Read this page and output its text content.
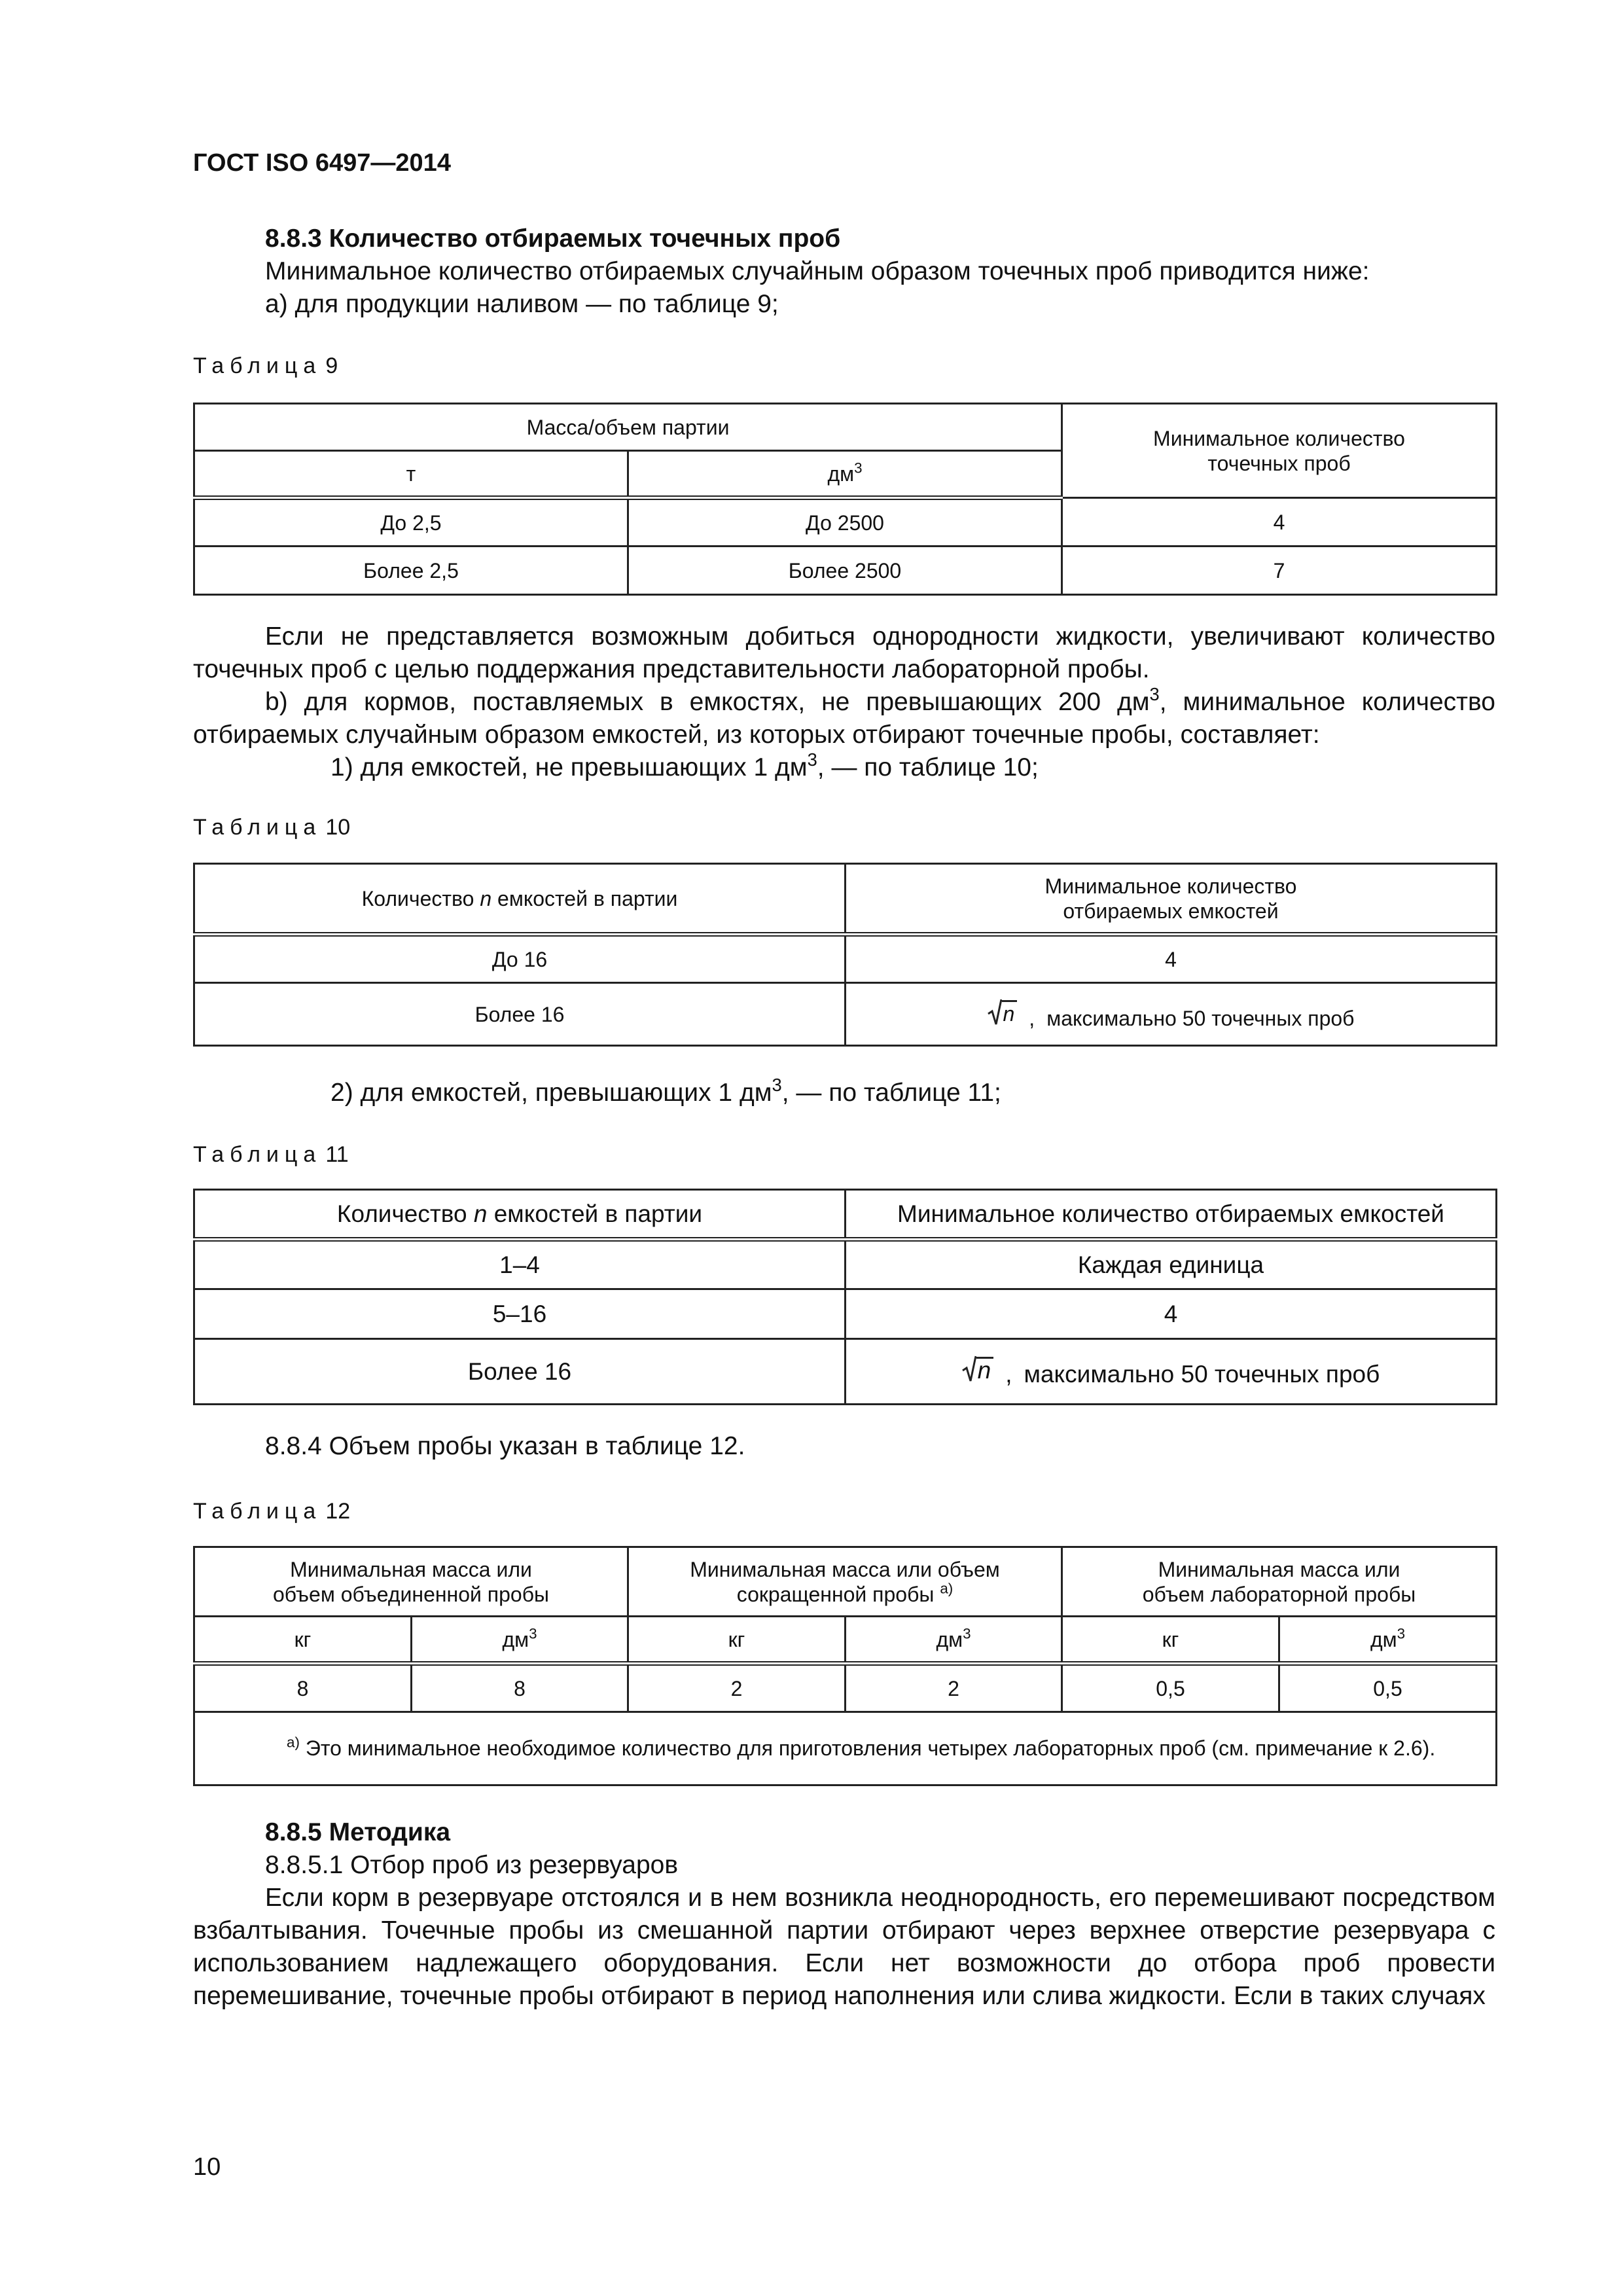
ГОСТ ISO 6497—2014
8.8.3 Количество отбираемых точечных проб
Минимальное количество отбираемых случайным образом точечных проб приводится ниже:
а) для продукции наливом — по таблице 9;
Таблица 9
Масса/объем партии		Минимальное количество точечных проб

т	$дм^3$
До 2,5	До 2500	4
Более 2,5	Более 2500	7
Если не представляется возможным добиться однородности жидкости, увеличивают количество точечных проб с целью поддержания представительности лабораторной пробы.
b) для кормов, поставляемых в емкостях, не превышающих 200 $дм^3$, минимальное количество отбираемых случайным образом емкостей, из которых отбирают точечные пробы, составляет:
1) для емкостей, не превышающих 1 $дм^3$, — по таблице 10;
Таблица 10
Количество n емкостей в партии	Минимальное количество отбираемых емкостей

До 16	4
Более 16	n , максимально 50 точечных проб
2) для емкостей, превышающих 1 $дм^3$, — по таблице 11;
Таблица 11
Количество n емкостей в партии	Минимальное количество отбираемых емкостей
1–4	Каждая единица
5–16	4
Более 16	n , максимально 50 точечных проб
8.8.4 Объем пробы указан в таблице 12.
Таблица 12
Минимальная масса или объем объединенной пробы		Минимальная масса или объем сокращенной пробы $^{а)}$		Минимальная масса или объем лабораторной пробы	

кг	$дм^3$	кг	$дм^3$	кг	$дм^3$
8	8	2	2	0,5	0,5

$^{а)}$ Это минимальное необходимое количество для приготовления четырех лабораторных проб (см. примечание к 2.6).					
8.8.5 Методика
8.8.5.1 Отбор проб из резервуаров
Если корм в резервуаре отстоялся и в нем возникла неоднородность, его перемешивают посредством взбалтывания. Точечные пробы из смешанной партии отбирают через верхнее отверстие резервуара с использованием надлежащего оборудования. Если нет возможности до отбора проб провести перемешивание, точечные пробы отбирают в период наполнения или слива жидкости. Если в таких случаях
10
